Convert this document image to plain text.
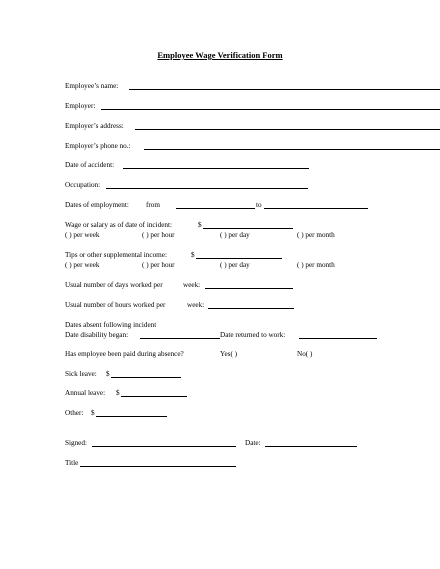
Employee Wage Verification Form
Employee’s name:
Employer:
Employer’s address:
Employer’s phone no.:
Date of accident:
Occupation:
Dates of employment: from	to
Wage or salary as of date of incident:	$
( ) per week	( ) per hour	( ) per day	( ) per month
Tips or other supplemental income:	$
( ) per week	( ) per hour	( ) per day	( ) per month
Usual number of days worked per	week:
Usual number of hours worked per	week:
Dates absent following incident
Date disability began:	Date returned to work:
Has employee been paid during absence?	Yes( )	No( )
Sick leave: $
Annual leave: $
Other: $
Signed:	Date:
Title
